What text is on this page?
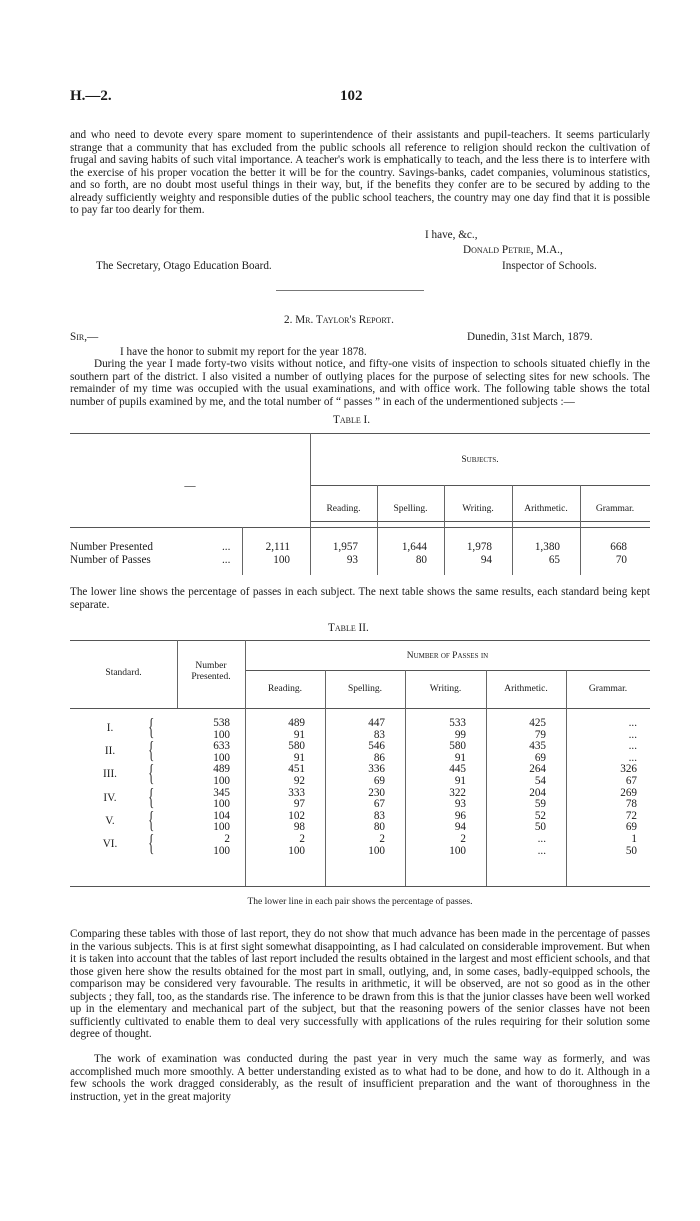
H.—2.	102
and who need to devote every spare moment to superintendence of their assistants and pupil-teachers. It seems particularly strange that a community that has excluded from the public schools all reference to religion should reckon the cultivation of frugal and saving habits of such vital importance. A teacher's work is emphatically to teach, and the less there is to interfere with the exercise of his proper vocation the better it will be for the country. Savings-banks, cadet companies, voluminous statistics, and so forth, are no doubt most useful things in their way, but, if the benefits they confer are to be secured by adding to the already sufficiently weighty and responsible duties of the public school teachers, the country may one day find that it is possible to pay far too dearly for them.
I have, &c.,
Donald Petrie, M.A.,
The Secretary, Otago Education Board.	Inspector of Schools.
2. Mr. Taylor's Report.
Sir,—	Dunedin, 31st March, 1879.
I have the honor to submit my report for the year 1878.
During the year I made forty-two visits without notice, and fifty-one visits of inspection to schools situated chiefly in the southern part of the district. I also visited a number of outlying places for the purpose of selecting sites for new schools. The remainder of my time was occupied with the usual examinations, and with office work. The following table shows the total number of pupils examined by me, and the total number of “ passes ” in each of the undermentioned subjects :—
Table I.
Subjects.
—
Reading.	Spelling.	Writing.	Arithmetic.	Grammar.
Number Presented	...	2,111	1,957	1,644	1,978	1,380	668
Number of Passes	...	100	93	80	94	65	70
The lower line shows the percentage of passes in each subject. The next table shows the same results, each standard being kept separate.
Table II.
Standard.
Number Presented.
Number of Passes in
Reading.	Spelling.	Writing.	Arithmetic.	Grammar.
I.	{	538	489	447	533	425	...
100	91	83	99	79	...
II.	{	633	580	546	580	435	...
100	91	86	91	69	...
III.	{	489	451	336	445	264	326
100	92	69	91	54	67
IV.	{	345	333	230	322	204	269
100	97	67	93	59	78
V.	{	104	102	83	96	52	72
100	98	80	94	50	69
VI.	{	2	2	2	2	...	1
100	100	100	100	...	50
The lower line in each pair shows the percentage of passes.
Comparing these tables with those of last report, they do not show that much advance has been made in the percentage of passes in the various subjects. This is at first sight somewhat disappointing, as I had calculated on considerable improvement. But when it is taken into account that the tables of last report included the results obtained in the largest and most efficient schools, and that those given here show the results obtained for the most part in small, outlying, and, in some cases, badly-equipped schools, the comparison may be considered very favourable. The results in arithmetic, it will be observed, are not so good as in the other subjects ; they fall, too, as the standards rise. The inference to be drawn from this is that the junior classes have been well worked up in the elementary and mechanical part of the subject, but that the reasoning powers of the senior classes have not been sufficiently cultivated to enable them to deal very successfully with applications of the rules requiring for their solution some degree of thought.
The work of examination was conducted during the past year in very much the same way as formerly, and was accomplished much more smoothly. A better understanding existed as to what had to be done, and how to do it. Although in a few schools the work dragged considerably, as the result of insufficient preparation and the want of thoroughness in the instruction, yet in the great majority
